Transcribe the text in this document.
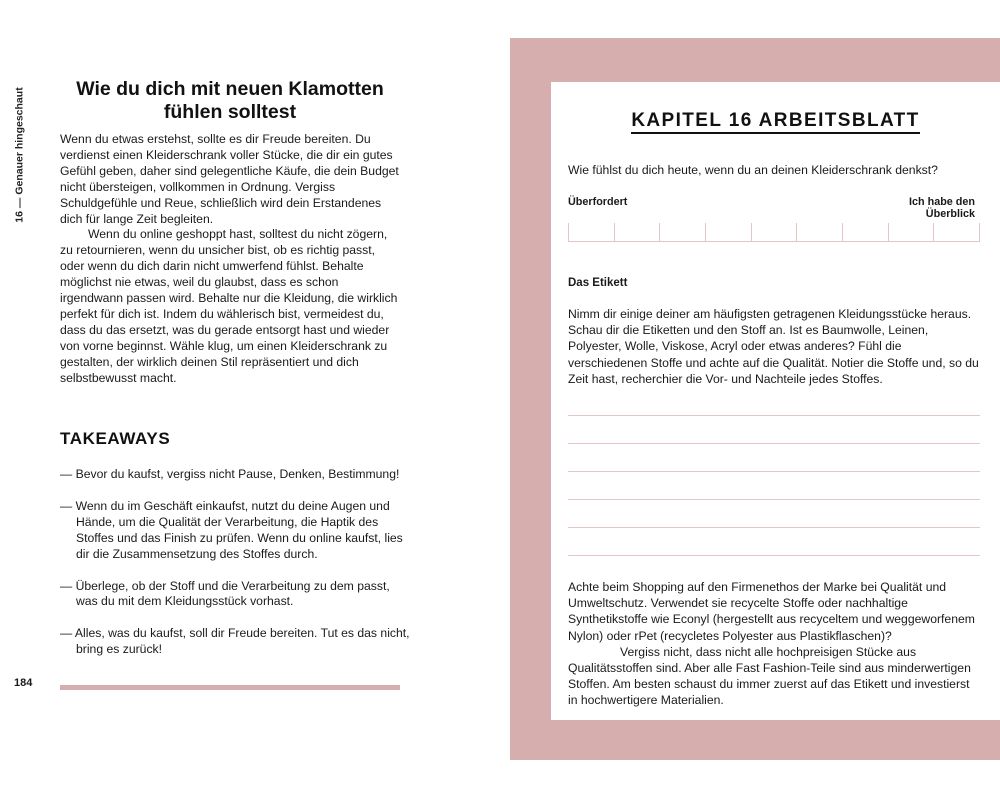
16 — Genauer hingeschaut	Wie du dich mit neuen Klamotten
fühlen solltest

Wenn du etwas erstehst, sollte es dir Freude bereiten. Du verdienst einen Kleiderschrank voller Stücke, die dir ein gutes Gefühl geben, daher sind gelegentliche Käufe, die dein Budget nicht übersteigen, vollkommen in Ordnung. Vergiss Schuldgefühle und Reue, schließlich wird dein Erstandenes dich für lange Zeit begleiten.

Wenn du online geshoppt hast, solltest du nicht zögern, zu retournieren, wenn du unsicher bist, ob es richtig passt, oder wenn du dich darin nicht umwerfend fühlst. Behalte möglichst nie etwas, weil du glaubst, dass es schon irgendwann passen wird. Behalte nur die Kleidung, die wirklich perfekt für dich ist. Indem du wählerisch bist, vermeidest du, dass du das ersetzt, was du gerade entsorgt hast und wieder von vorne beginnst. Wähle klug, um einen Kleiderschrank zu gestalten, der wirklich deinen Stil repräsentiert und dich selbstbewusst macht.

TAKEAWAYS
— Bevor du kaufst, vergiss nicht Pause, Denken, Bestimmung!
— Wenn du im Geschäft einkaufst, nutzt du deine Augen und Hände, um die Qualität der Verarbeitung, die Haptik des Stoffes und das Finish zu prüfen. Wenn du online kaufst, lies dir die Zusammensetzung des Stoffes durch.
— Überlege, ob der Stoff und die Verarbeitung zu dem passt, was du mit dem Kleidungsstück vorhast.
— Alles, was du kaufst, soll dir Freude bereiten. Tut es das nicht, bring es zurück!
184
KAPITEL 16 ARBEITSBLATT
Wie fühlst du dich heute, wenn du an deinen Kleiderschrank denkst?
Überfordert	Ich habe den Überblick
Das Etikett

Nimm dir einige deiner am häufigsten getragenen Kleidungsstücke heraus. Schau dir die Etiketten und den Stoff an. Ist es Baumwolle, Leinen, Polyester, Wolle, Viskose, Acryl oder etwas anderes? Fühl die verschiedenen Stoffe und achte auf die Qualität. Notier die Stoffe und, so du Zeit hast, recherchier die Vor- und Nachteile jedes Stoffes.

Achte beim Shopping auf den Firmenethos der Marke bei Qualität und Umweltschutz. Verwendet sie recycelte Stoffe oder nachhaltige Synthetikstoffe wie Econyl (hergestellt aus recyceltem und weggeworfenem Nylon) oder rPet (recycletes Polyester aus Plastikflaschen)?

Vergiss nicht, dass nicht alle hochpreisigen Stücke aus Qualitätsstoffen sind. Aber alle Fast Fashion-Teile sind aus minderwertigen Stoffen. Am besten schaust du immer zuerst auf das Etikett und investierst in hochwertigere Materialien.
